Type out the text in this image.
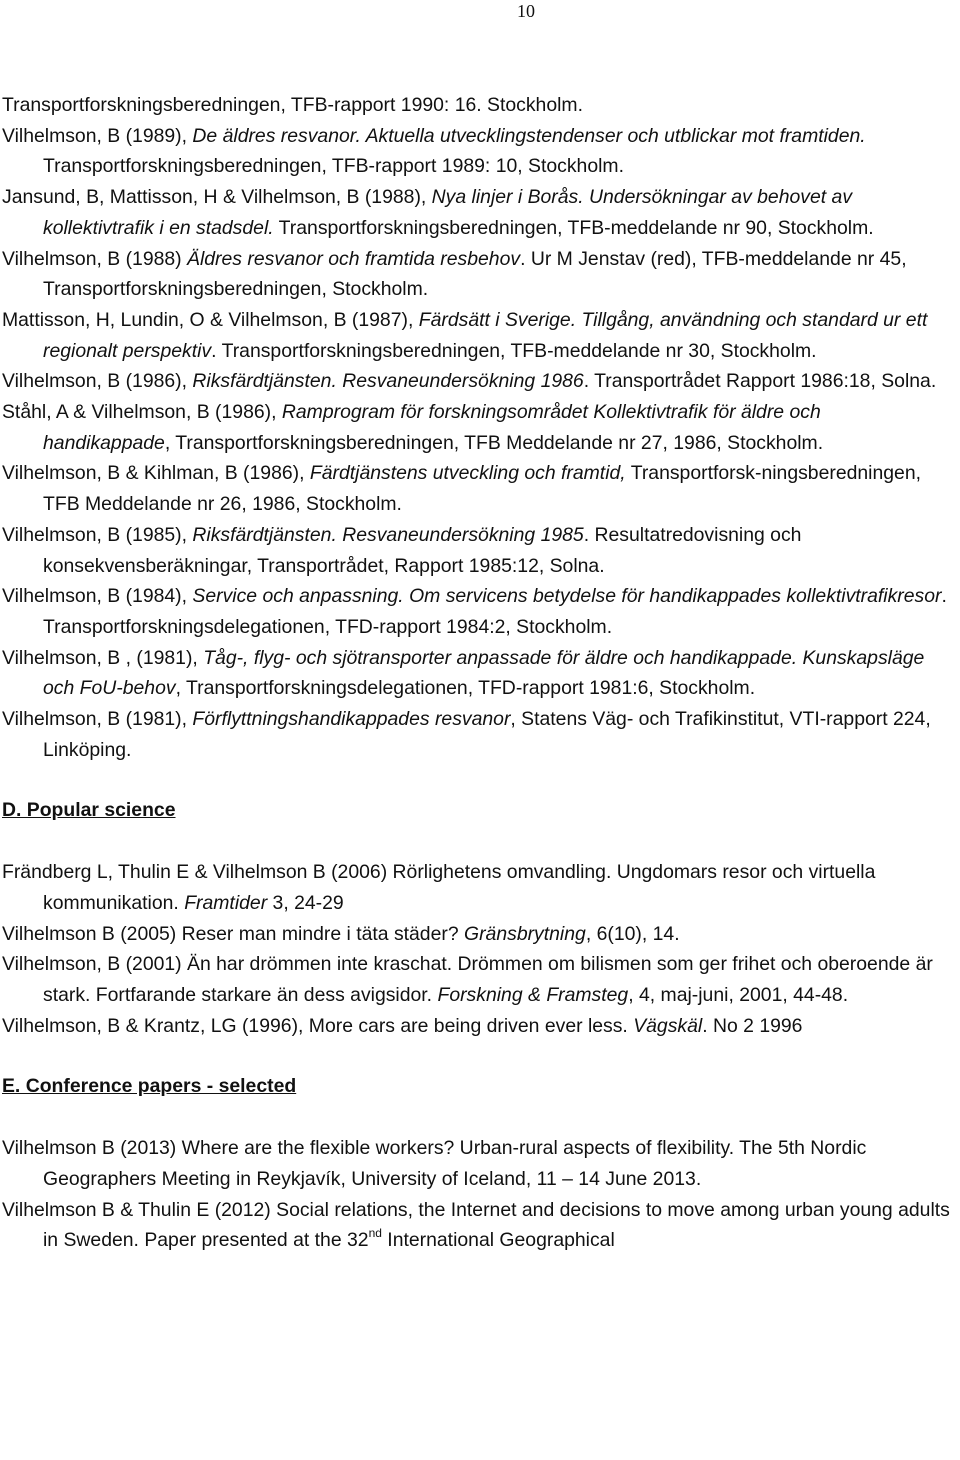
10

Transportforskningsberedningen, TFB-rapport 1990: 16. Stockholm.

Vilhelmson, B (1989), De äldres resvanor. Aktuella utvecklingstendenser och utblickar mot framtiden. Transportforskningsberedningen, TFB-rapport 1989: 10, Stockholm.

Jansund, B, Mattisson, H & Vilhelmson, B (1988), Nya linjer i Borås. Undersökningar av behovet av kollektivtrafik i en stadsdel. Transportforskningsberedningen, TFB-meddelande nr 90, Stockholm.

Vilhelmson, B (1988) Äldres resvanor och framtida resbehov. Ur M Jenstav (red), TFB-meddelande nr 45, Transportforskningsberedningen, Stockholm.

Mattisson, H, Lundin, O & Vilhelmson, B (1987), Färdsätt i Sverige. Tillgång, användning och standard ur ett regionalt perspektiv. Transportforskningsberedningen, TFB-meddelande nr 30, Stockholm.

Vilhelmson, B (1986), Riksfärdtjänsten. Resvaneundersökning 1986. Transportrådet Rapport 1986:18, Solna.

Ståhl, A & Vilhelmson, B (1986), Ramprogram för forskningsområdet Kollektivtrafik för äldre och handikappade, Transportforskningsberedningen, TFB Meddelande nr 27, 1986, Stockholm.

Vilhelmson, B & Kihlman, B (1986), Färdtjänstens utveckling och framtid, Transportforsk-ningsberedningen, TFB Meddelande nr 26, 1986, Stockholm.

Vilhelmson, B (1985), Riksfärdtjänsten. Resvaneundersökning 1985. Resultatredovisning och konsekvensberäkningar, Transportrådet, Rapport 1985:12, Solna.

Vilhelmson, B (1984), Service och anpassning. Om servicens betydelse för handikappades kollektivtrafikresor. Transportforskningsdelegationen, TFD-rapport 1984:2, Stockholm.

Vilhelmson, B , (1981), Tåg-, flyg- och sjötransporter anpassade för äldre och handikappade. Kunskapsläge och FoU-behov, Transportforskningsdelegationen, TFD-rapport 1981:6, Stockholm.

Vilhelmson, B (1981), Förflyttningshandikappades resvanor, Statens Väg- och Trafikinstitut, VTI-rapport 224, Linköping.

D. Popular science

Frändberg L, Thulin E & Vilhelmson B (2006) Rörlighetens omvandling. Ungdomars resor och virtuella kommunikation. Framtider 3, 24-29

Vilhelmson B (2005) Reser man mindre i täta städer? Gränsbrytning, 6(10), 14.

Vilhelmson, B (2001) Än har drömmen inte kraschat. Drömmen om bilismen som ger frihet och oberoende är stark. Fortfarande starkare än dess avigsidor. Forskning & Framsteg, 4, maj-juni, 2001, 44-48.

Vilhelmson, B & Krantz, LG (1996), More cars are being driven ever less. Vägskäl. No 2 1996

E. Conference papers - selected

Vilhelmson B (2013) Where are the flexible workers? Urban-rural aspects of flexibility. The 5th Nordic Geographers Meeting in Reykjavík, University of Iceland, 11 – 14 June 2013.

Vilhelmson B & Thulin E (2012) Social relations, the Internet and decisions to move among urban young adults in Sweden. Paper presented at the 32nd International Geographical
